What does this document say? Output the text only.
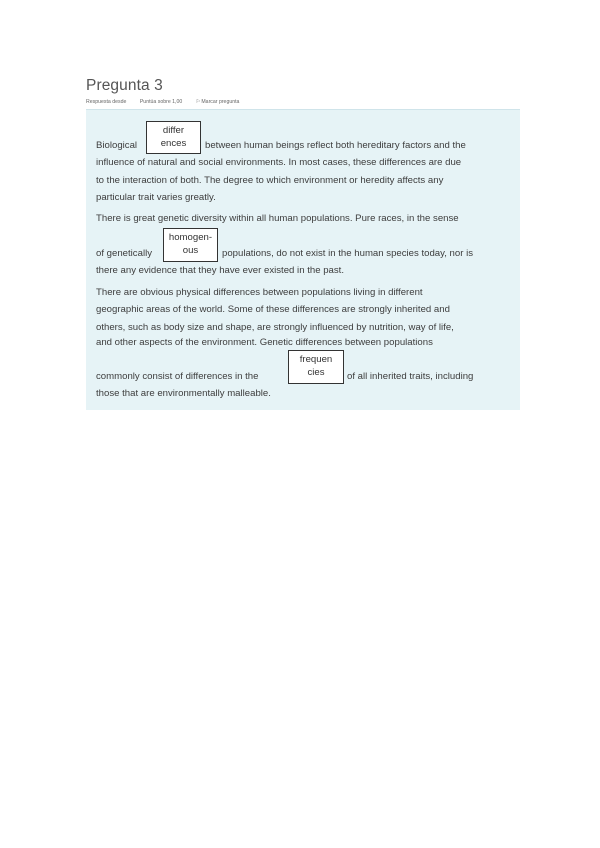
Pregunta 3
Respuesta desde	Puntúa sobre 1,00	⚐Marcar pregunta
Biological
differ
ences	between human beings reflect both hereditary factors and the
influence of natural and social environments. In most cases, these differences are due
to the interaction of both. The degree to which environment or heredity affects any
particular trait varies greatly.
There is great genetic diversity within all human populations. Pure races, in the sense
of genetically
homogen-
ous	populations, do not exist in the human species today, nor is
there any evidence that they have ever existed in the past.
There are obvious physical differences between populations living in different
geographic areas of the world. Some of these differences are strongly inherited and
others, such as body size and shape, are strongly influenced by nutrition, way of life,
and other aspects of the environment. Genetic differences between populations
commonly consist of differences in the
frequen
cies	of all inherited traits, including
those that are environmentally malleable.
